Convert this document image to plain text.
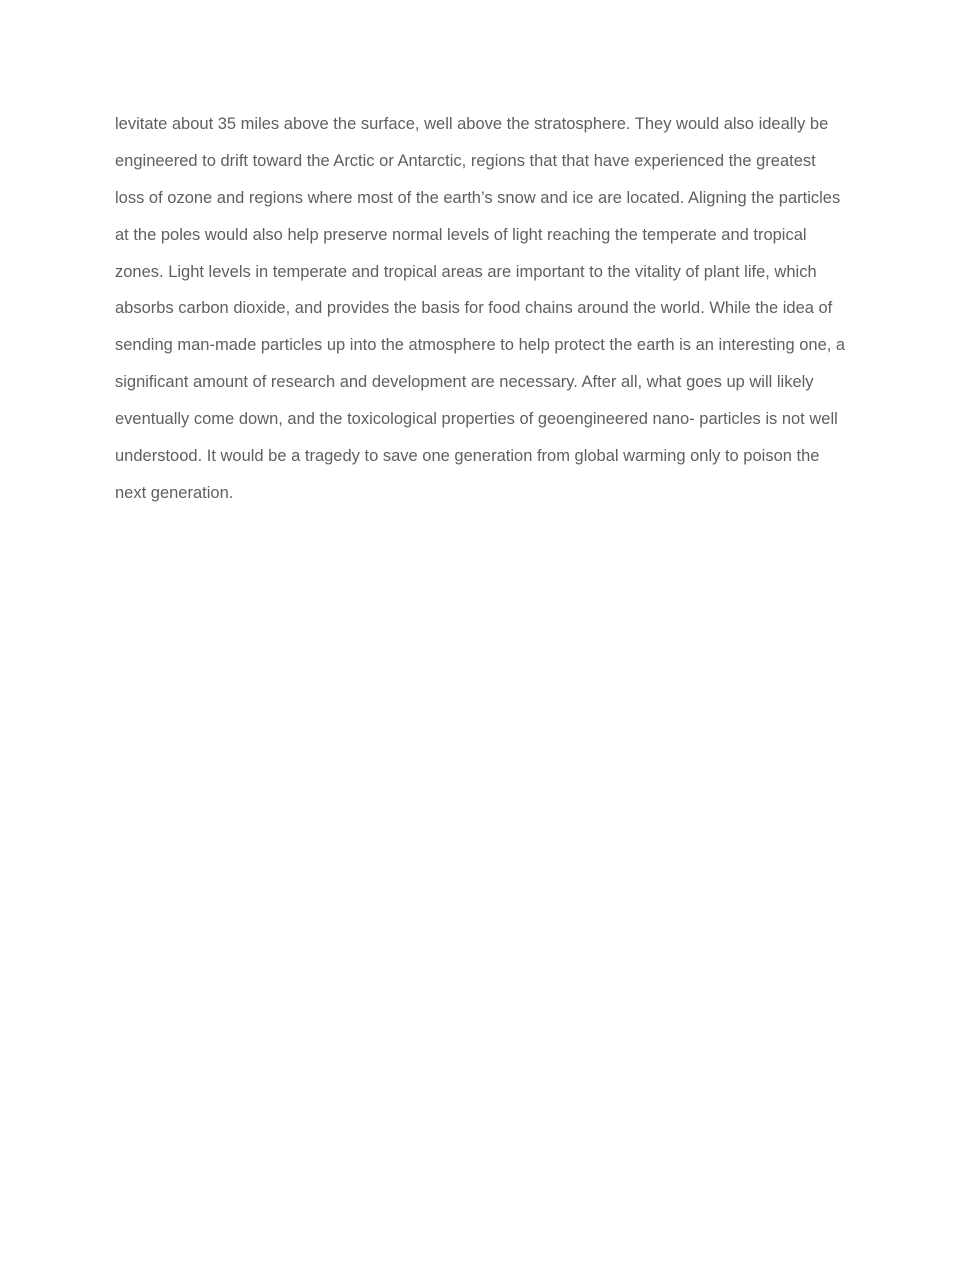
levitate about 35 miles above the surface, well above the stratosphere. They would also ideally be
engineered to drift toward the Arctic or Antarctic, regions that that have experienced the greatest
loss of ozone and regions where most of the earth’s snow and ice are located. Aligning the particles
at the poles would also help preserve normal levels of light reaching the temperate and tropical
zones. Light levels in temperate and tropical areas are important to the vitality of plant life, which
absorbs carbon dioxide, and provides the basis for food chains around the world. While the idea of
sending man-made particles up into the atmosphere to help protect the earth is an interesting one, a
significant amount of research and development are necessary. After all, what goes up will likely
eventually come down, and the toxicological properties of geoengineered nano- particles is not well
understood. It would be a tragedy to save one generation from global warming only to poison the
next generation.
